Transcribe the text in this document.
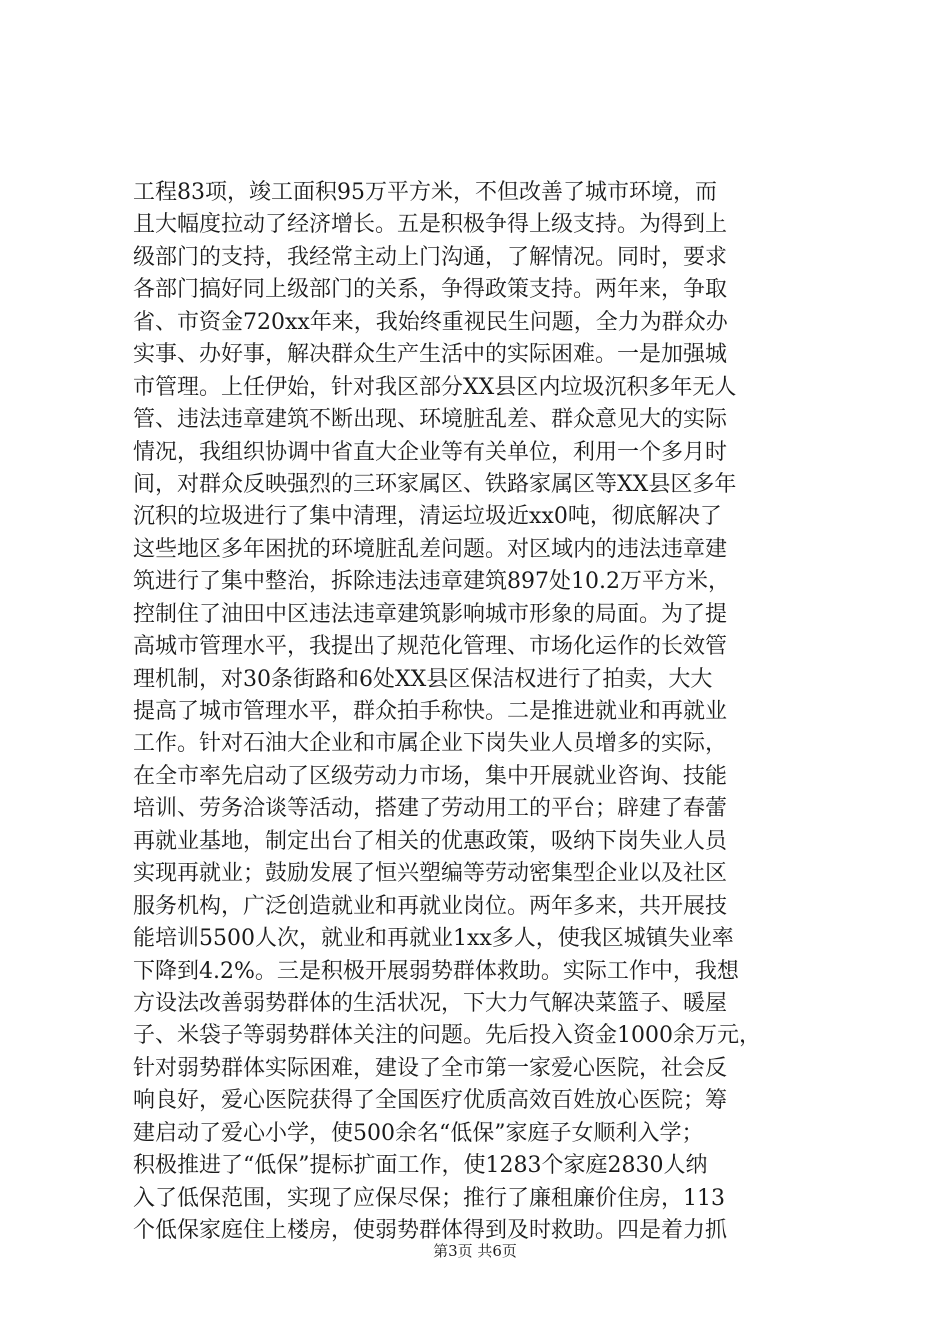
工程83项，竣工面积95万平方米，不但改善了城市环境，而
且大幅度拉动了经济增长。五是积极争得上级支持。为得到上
级部门的支持，我经常主动上门沟通，了解情况。同时，要求
各部门搞好同上级部门的关系，争得政策支持。两年来，争取
省、市资金720xx年来，我始终重视民生问题，全力为群众办
实事、办好事，解决群众生产生活中的实际困难。一是加强城
市管理。上任伊始，针对我区部分XX县区内垃圾沉积多年无人
管、违法违章建筑不断出现、环境脏乱差、群众意见大的实际
情况，我组织协调中省直大企业等有关单位，利用一个多月时
间，对群众反映强烈的三环家属区、铁路家属区等XX县区多年
沉积的垃圾进行了集中清理，清运垃圾近xx0吨，彻底解决了
这些地区多年困扰的环境脏乱差问题。对区域内的违法违章建
筑进行了集中整治，拆除违法违章建筑897处10.2万平方米，
控制住了油田中区违法违章建筑影响城市形象的局面。为了提
高城市管理水平，我提出了规范化管理、市场化运作的长效管
理机制，对30条街路和6处XX县区保洁权进行了拍卖，大大
提高了城市管理水平，群众拍手称快。二是推进就业和再就业
工作。针对石油大企业和市属企业下岗失业人员增多的实际，
在全市率先启动了区级劳动力市场，集中开展就业咨询、技能
培训、劳务洽谈等活动，搭建了劳动用工的平台；辟建了春蕾
再就业基地，制定出台了相关的优惠政策，吸纳下岗失业人员
实现再就业；鼓励发展了恒兴塑编等劳动密集型企业以及社区
服务机构，广泛创造就业和再就业岗位。两年多来，共开展技
能培训5500人次，就业和再就业1xx多人，使我区城镇失业率
下降到4.2%。三是积极开展弱势群体救助。实际工作中，我想
方设法改善弱势群体的生活状况，下大力气解决菜篮子、暖屋
子、米袋子等弱势群体关注的问题。先后投入资金1000余万元，
针对弱势群体实际困难，建设了全市第一家爱心医院，社会反
响良好，爱心医院获得了全国医疗优质高效百姓放心医院；筹
建启动了爱心小学，使500余名“低保”家庭子女顺利入学；
积极推进了“低保”提标扩面工作，使1283个家庭2830人纳
入了低保范围，实现了应保尽保；推行了廉租廉价住房，113
个低保家庭住上楼房，使弱势群体得到及时救助。四是着力抓
第3页 共6页
